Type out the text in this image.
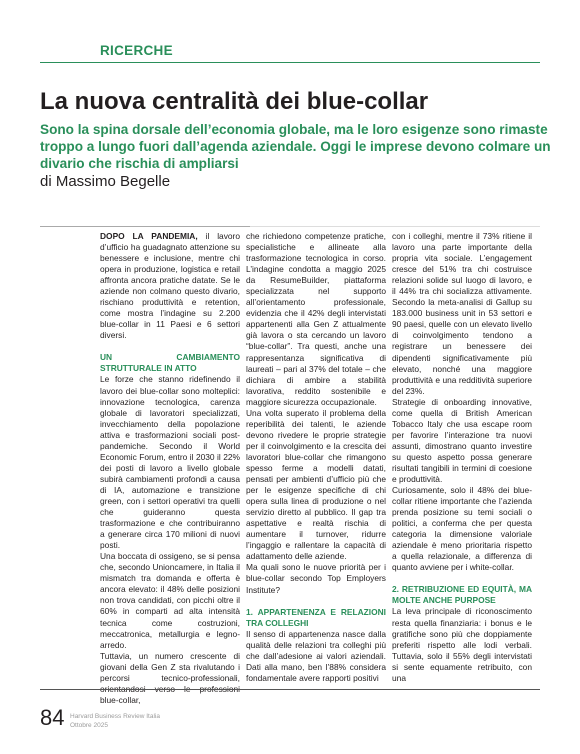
RICERCHE
La nuova centralità dei blue-collar
Sono la spina dorsale dell’economia globale, ma le loro esigenze sono rimaste troppo a lungo fuori dall’agenda aziendale. Oggi le imprese devono colmare un divario che rischia di ampliarsi
di Massimo Begelle

DOPO LA PANDEMIA, il lavoro d’ufficio ha guadagnato attenzione su benessere e inclusione, mentre chi opera in produzione, logistica e retail affronta ancora pratiche datate. Se le aziende non colmano questo divario, rischiano produttività e retention, come mostra l’indagine su 2.200 blue-collar in 11 Paesi e 6 settori diversi.

UN CAMBIAMENTO STRUTTURALE IN ATTO

Le forze che stanno ridefinendo il lavoro dei blue-collar sono molteplici: innovazione tecnologica, carenza globale di lavoratori specializzati, invecchiamento della popolazione attiva e trasformazioni sociali post-pandemiche. Secondo il World Economic Forum, entro il 2030 il 22% dei posti di lavoro a livello globale subirà cambiamenti profondi a causa di IA, automazione e transizione green, con i settori operativi tra quelli che guideranno questa trasformazione e che contribuiranno a generare circa 170 milioni di nuovi posti.

Una boccata di ossigeno, se si pensa che, secondo Unioncamere, in Italia il mismatch tra domanda e offerta è ancora elevato: il 48% delle posizioni non trova candidati, con picchi oltre il 60% in comparti ad alta intensità tecnica come costruzioni, meccatronica, metallurgia e legno-arredo.

Tuttavia, un numero crescente di giovani della Gen Z sta rivalutando i percorsi tecnico-professionali, orientandosi verso le professioni blue-collar,

che richiedono competenze pratiche, specialistiche e allineate alla trasformazione tecnologica in corso. L’indagine condotta a maggio 2025 da ResumeBuilder, piattaforma specializzata nel supporto all’orientamento professionale, evidenzia che il 42% degli intervistati appartenenti alla Gen Z attualmente già lavora o sta cercando un lavoro “blue-collar”. Tra questi, anche una rappresentanza significativa di laureati – pari al 37% del totale – che dichiara di ambire a stabilità lavorativa, reddito sostenibile e maggiore sicurezza occupazionale.

Una volta superato il problema della reperibilità dei talenti, le aziende devono rivedere le proprie strategie per il coinvolgimento e la crescita dei lavoratori blue-collar che rimangono spesso ferme a modelli datati, pensati per ambienti d’ufficio più che per le esigenze specifiche di chi opera sulla linea di produzione o nel servizio diretto al pubblico. Il gap tra aspettative e realtà rischia di aumentare il turnover, ridurre l’ingaggio e rallentare la capacità di adattamento delle aziende.

Ma quali sono le nuove priorità per i blue-collar secondo Top Employers Institute?

1. APPARTENENZA E RELAZIONI TRA COLLEGHI

Il senso di appartenenza nasce dalla qualità delle relazioni tra colleghi più che dall’adesione ai valori aziendali. Dati alla mano, ben l’88% considera fondamentale avere rapporti positivi

con i colleghi, mentre il 73% ritiene il lavoro una parte importante della propria vita sociale. L’engagement cresce del 51% tra chi costruisce relazioni solide sul luogo di lavoro, e il 44% tra chi socializza attivamente. Secondo la meta-analisi di Gallup su 183.000 business unit in 53 settori e 90 paesi, quelle con un elevato livello di coinvolgimento tendono a registrare un benessere dei dipendenti significativamente più elevato, nonché una maggiore produttività e una redditività superiore del 23%.

Strategie di onboarding innovative, come quella di British American Tobacco Italy che usa escape room per favorire l’interazione tra nuovi assunti, dimostrano quanto investire su questo aspetto possa generare risultati tangibili in termini di coesione e produttività.

Curiosamente, solo il 48% dei blue-collar ritiene importante che l’azienda prenda posizione su temi sociali o politici, a conferma che per questa categoria la dimensione valoriale aziendale è meno prioritaria rispetto a quella relazionale, a differenza di quanto avviene per i white-collar.

2. RETRIBUZIONE ED EQUITÀ, MA MOLTE ANCHE PURPOSE

La leva principale di riconoscimento resta quella finanziaria: i bonus e le gratifiche sono più che doppiamente preferiti rispetto alle lodi verbali. Tuttavia, solo il 55% degli intervistati si sente equamente retribuito, con una

84 Harvard Business Review Italia
Ottobre 2025
